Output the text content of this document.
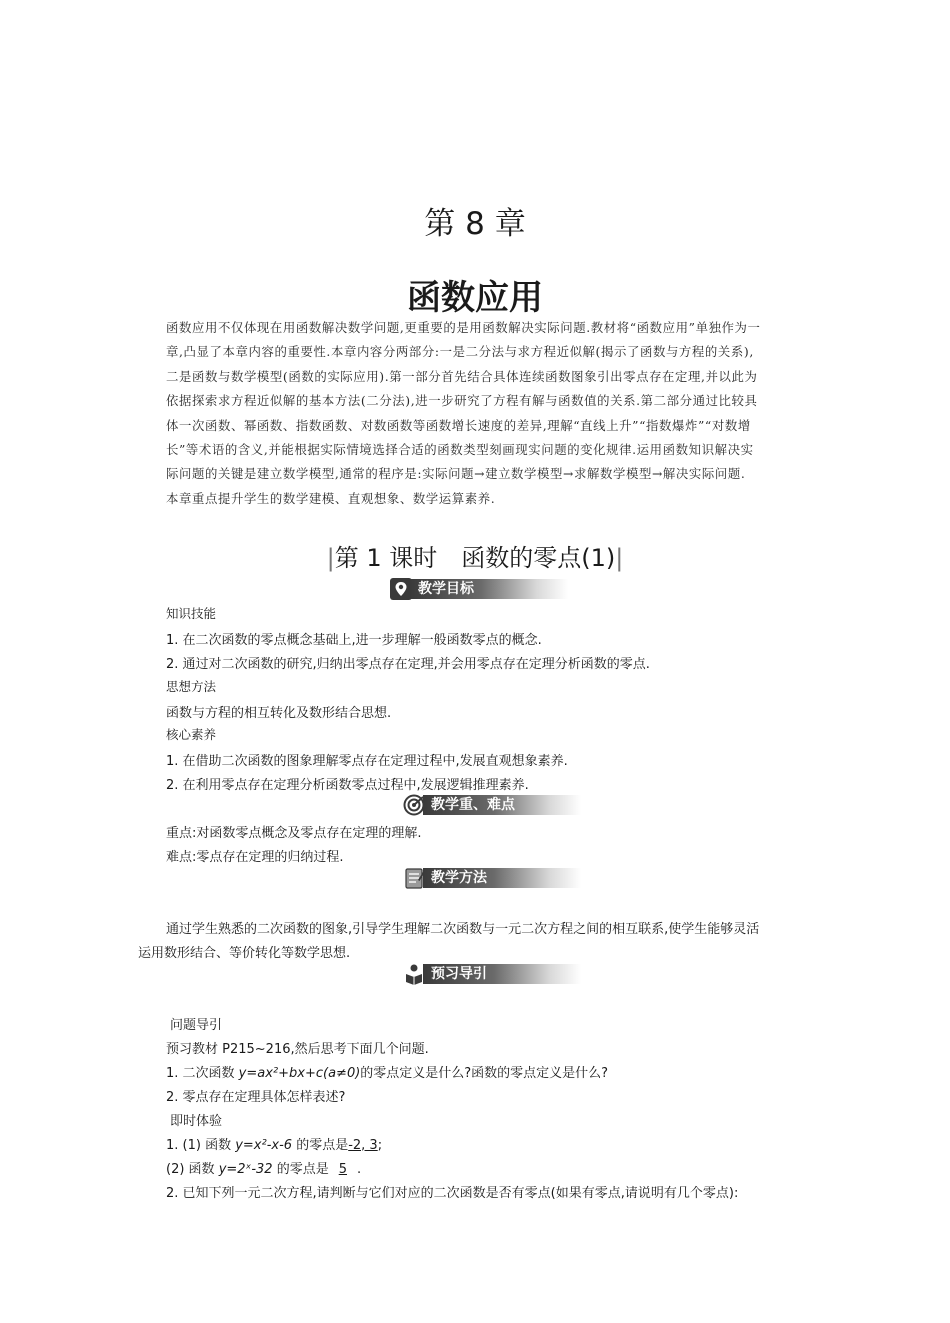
第 8 章
函数应用

函数应用不仅体现在用函数解决数学问题,更重要的是用函数解决实际问题.教材将“函数应用”单独作为一章,凸显了本章内容的重要性.本章内容分两部分:一是二分法与求方程近似解(揭示了函数与方程的关系),二是函数与数学模型(函数的实际应用).第一部分首先结合具体连续函数图象引出零点存在定理,并以此为依据探索求方程近似解的基本方法(二分法),进一步研究了方程有解与函数值的关系.第二部分通过比较具体一次函数、幂函数、指数函数、对数函数等函数增长速度的差异,理解“直线上升”“指数爆炸”“对数增长”等术语的含义,并能根据实际情境选择合适的函数类型刻画现实问题的变化规律.运用函数知识解决实际问题的关键是建立数学模型,通常的程序是:实际问题→建立数学模型→求解数学模型→解决实际问题.

本章重点提升学生的数学建模、直观想象、数学运算素养.

|第 1 课时　函数的零点(1)|
教学目标
知识技能
1. 在二次函数的零点概念基础上,进一步理解一般函数零点的概念.
2. 通过对二次函数的研究,归纳出零点存在定理,并会用零点存在定理分析函数的零点.
思想方法
函数与方程的相互转化及数形结合思想.
核心素养
1. 在借助二次函数的图象理解零点存在定理过程中,发展直观想象素养.
2. 在利用零点存在定理分析函数零点过程中,发展逻辑推理素养.
教学重、难点
重点:对函数零点概念及零点存在定理的理解.
难点:零点存在定理的归纳过程.
教学方法
通过学生熟悉的二次函数的图象,引导学生理解二次函数与一元二次方程之间的相互联系,使学生能够灵活
运用数形结合、等价转化等数学思想.
预习导引
问题导引
预习教材 P215~216,然后思考下面几个问题.
1. 二次函数 y=ax²+bx+c(a≠0)的零点定义是什么?函数的零点定义是什么?
2. 零点存在定理具体怎样表述?
即时体验
1. (1) 函数 y=x²-x-6 的零点是-2, 3;
(2) 函数 y=2ˣ-32 的零点是 5 .
2. 已知下列一元二次方程,请判断与它们对应的二次函数是否有零点(如果有零点,请说明有几个零点):
